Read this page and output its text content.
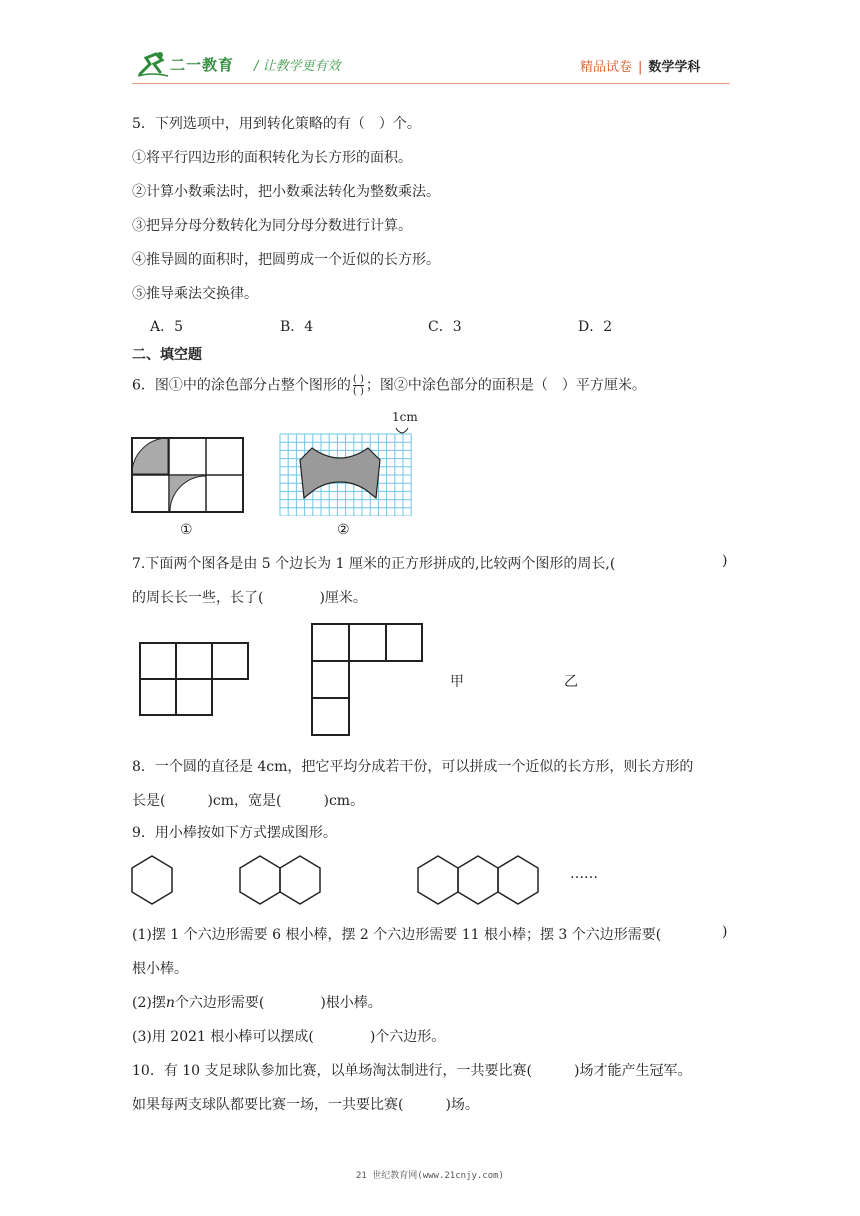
二一教育 / 让教学更有效	精品试卷 | 数学学科
5．下列选项中，用到转化策略的有（　）个。
①将平行四边形的面积转化为长方形的面积。
②计算小数乘法时，把小数乘法转化为整数乘法。
③把异分母分数转化为同分母分数进行计算。
④推导圆的面积时，把圆剪成一个近似的长方形。
⑤推导乘法交换律。
A．5	B．4	C．3	D．2
二、填空题
6．图①中的涂色部分占整个图形的 $\frac{( )}{( )}$ ；图②中涂色部分的面积是（　）平方厘米。
①
1cm
②
7.下面两个图各是由 5 个边长为 1 厘米的正方形拼成的,比较两个图形的周长,(	)
的周长长一些，长了(　　　　)厘米。
甲	乙
8．一个圆的直径是 4cm，把它平均分成若干份，可以拼成一个近似的长方形，则长方形的
长是(　　　)cm，宽是(　　　)cm。
9．用小棒按如下方式摆成图形。
……
(1)摆 1 个六边形需要 6 根小棒，摆 2 个六边形需要 11 根小棒；摆 3 个六边形需要(	)
根小棒。
(2)摆n个六边形需要(　　　　)根小棒。
(3)用 2021 根小棒可以摆成(　　　　)个六边形。
10．有 10 支足球队参加比赛，以单场淘汰制进行，一共要比赛(　　　)场才能产生冠军。
如果每两支球队都要比赛一场，一共要比赛(　　　)场。
21 世纪教育网(www.21cnjy.com)
